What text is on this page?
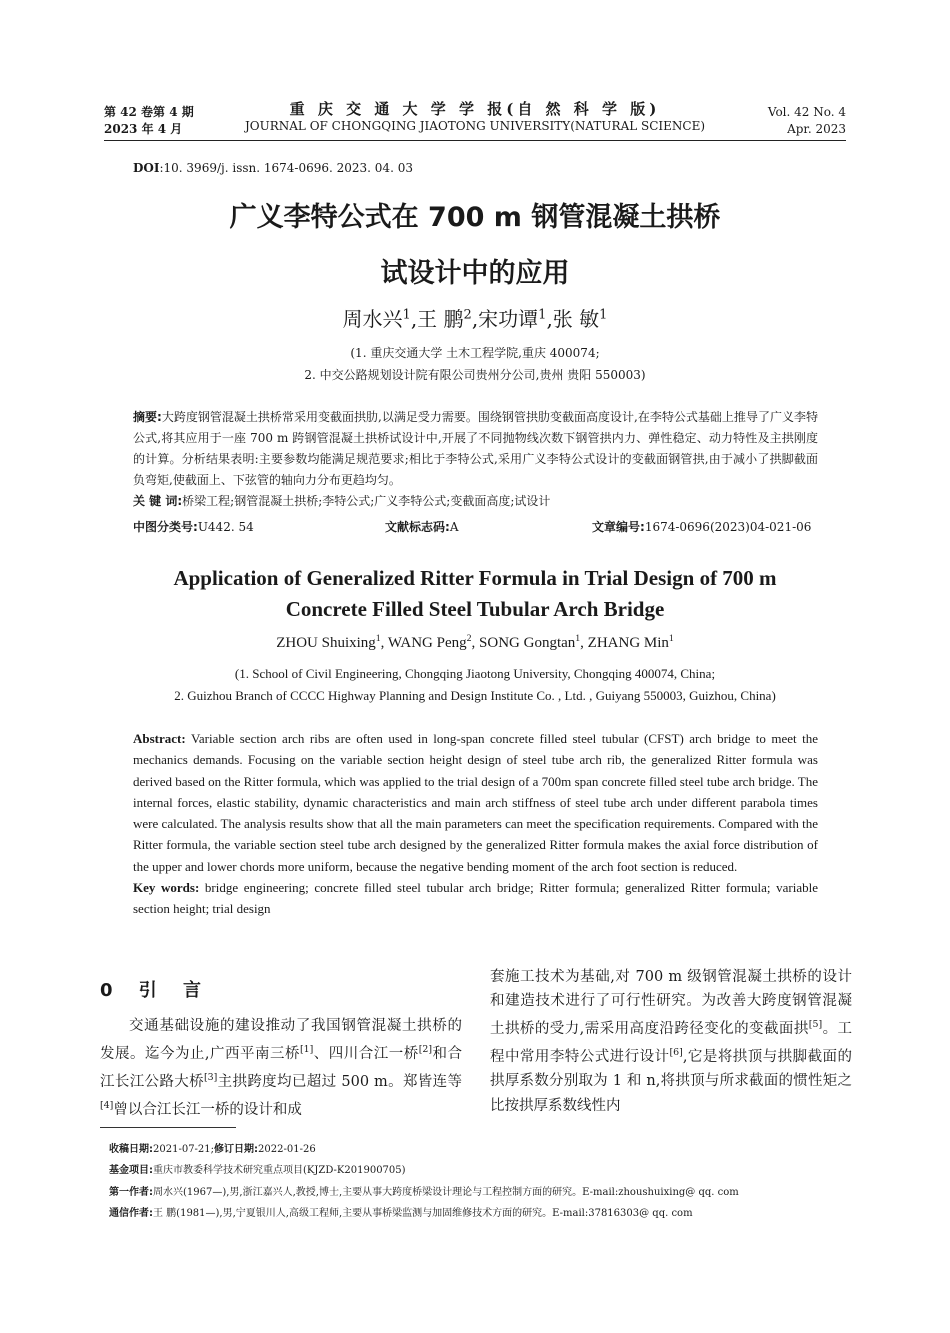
第 42 卷第 4 期
2023 年 4 月
重 庆 交 通 大 学 学 报(自 然 科 学 版)
JOURNAL OF CHONGQING JIAOTONG UNIVERSITY(NATURAL SCIENCE)
Vol. 42 No. 4
Apr. 2023
DOI:10. 3969/j. issn. 1674-0696. 2023. 04. 03
广义李特公式在 700 m 钢管混凝土拱桥
试设计中的应用
周水兴$^1$,王 鹏$^2$,宋功谭$^1$,张 敏$^1$
(1. 重庆交通大学 土木工程学院,重庆 400074;
2. 中交公路规划设计院有限公司贵州分公司,贵州 贵阳 550003)
摘要:大跨度钢管混凝土拱桥常采用变截面拱肋,以满足受力需要。围绕钢管拱肋变截面高度设计,在李特公式基础上推导了广义李特公式,将其应用于一座 700 m 跨钢管混凝土拱桥试设计中,开展了不同抛物线次数下钢管拱内力、弹性稳定、动力特性及主拱刚度的计算。分析结果表明:主要参数均能满足规范要求;相比于李特公式,采用广义李特公式设计的变截面钢管拱,由于减小了拱脚截面负弯矩,使截面上、下弦管的轴向力分布更趋均匀。
关 键 词:桥梁工程;钢管混凝土拱桥;李特公式;广义李特公式;变截面高度;试设计
中图分类号:U442. 54	文献标志码:A	文章编号:1674-0696(2023)04-021-06
Application of Generalized Ritter Formula in Trial Design of 700 m
Concrete Filled Steel Tubular Arch Bridge
ZHOU Shuixing$^1$, WANG Peng$^2$, SONG Gongtan$^1$, ZHANG Min$^1$
(1. School of Civil Engineering, Chongqing Jiaotong University, Chongqing 400074, China;
2. Guizhou Branch of CCCC Highway Planning and Design Institute Co. , Ltd. , Guiyang 550003, Guizhou, China)
Abstract: Variable section arch ribs are often used in long-span concrete filled steel tubular (CFST) arch bridge to meet the mechanics demands. Focusing on the variable section height design of steel tube arch rib, the generalized Ritter formula was derived based on the Ritter formula, which was applied to the trial design of a 700m span concrete filled steel tube arch bridge. The internal forces, elastic stability, dynamic characteristics and main arch stiffness of steel tube arch under different parabola times were calculated. The analysis results show that all the main parameters can meet the specification requirements. Compared with the Ritter formula, the variable section steel tube arch designed by the generalized Ritter formula makes the axial force distribution of the upper and lower chords more uniform, because the negative bending moment of the arch foot section is reduced.
Key words: bridge engineering; concrete filled steel tubular arch bridge; Ritter formula; generalized Ritter formula; variable section height; trial design
0 引 言
交通基础设施的建设推动了我国钢管混凝土拱桥的发展。迄今为止,广西平南三桥[1]、四川合江一桥[2]和合江长江公路大桥[3]主拱跨度均已超过 500 m。郑皆连等[4]曾以合江长江一桥的设计和成
套施工技术为基础,对 700 m 级钢管混凝土拱桥的设计和建造技术进行了可行性研究。为改善大跨度钢管混凝土拱桥的受力,需采用高度沿跨径变化的变截面拱[5]。工程中常用李特公式进行设计[6],它是将拱顶与拱脚截面的拱厚系数分别取为 1 和 n,将拱顶与所求截面的惯性矩之比按拱厚系数线性内
收稿日期:2021-07-21;修订日期:2022-01-26
基金项目:重庆市教委科学技术研究重点项目(KJZD-K201900705)
第一作者:周水兴(1967—),男,浙江嘉兴人,教授,博士,主要从事大跨度桥梁设计理论与工程控制方面的研究。E-mail:zhoushuixing@ qq. com
通信作者:王 鹏(1981—),男,宁夏银川人,高级工程师,主要从事桥梁监测与加固维修技术方面的研究。E-mail:37816303@ qq. com
